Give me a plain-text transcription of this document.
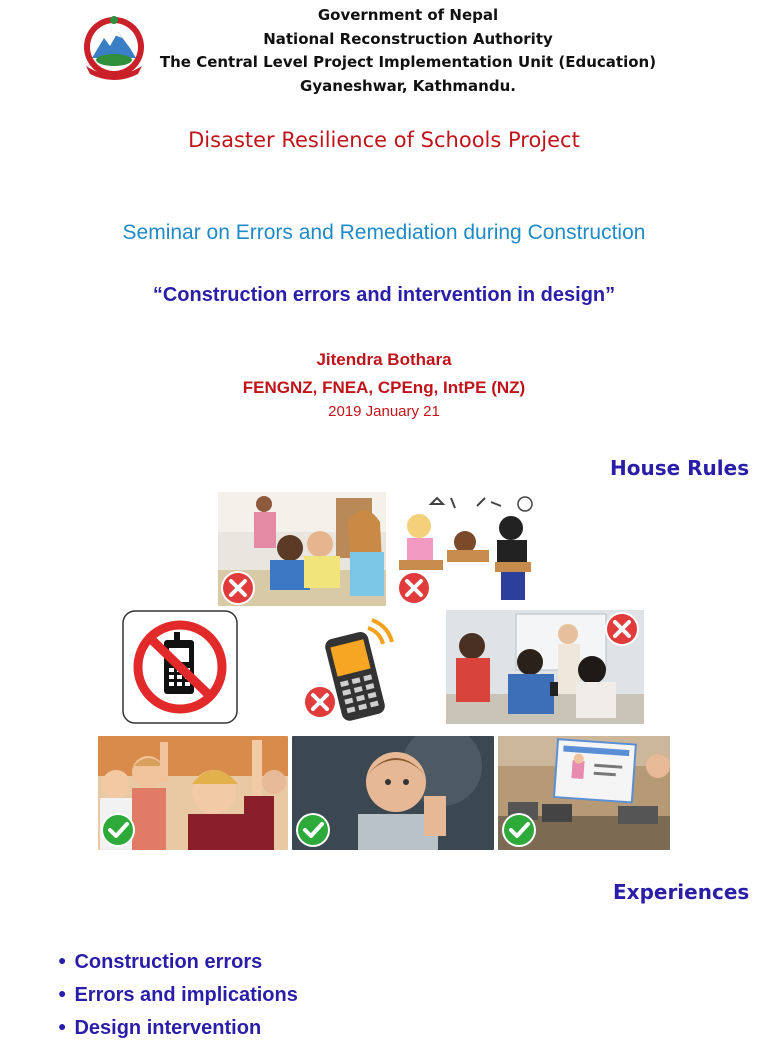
Government of Nepal
National Reconstruction Authority
The Central Level Project Implementation Unit (Education)
Gyaneshwar, Kathmandu.
Disaster Resilience of Schools Project
Seminar on Errors and Remediation during Construction
“Construction errors and intervention in design”
Jitendra Bothara
FENGNZ, FNEA, CPEng, IntPE (NZ)
2019 January 21
House Rules
Experiences
● Construction errors
● Errors and implications
● Design intervention
